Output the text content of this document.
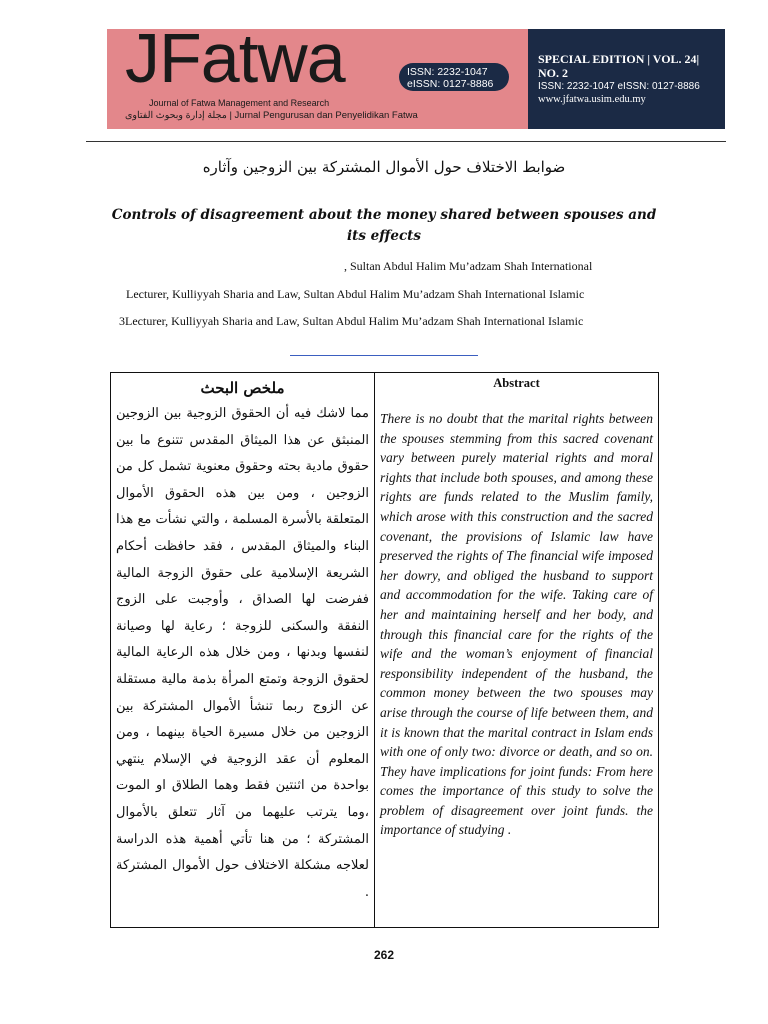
JFatwa	ISSN: 2232-1047
eISSN: 0127-8886
Journal of Fatwa Management and Research
مجلة إدارة وبحوث الفتاوى | Jurnal Pengurusan dan Penyelidikan Fatwa
SPECIAL EDITION | VOL. 24| NO. 2
ISSN: 2232-1047 eISSN: 0127-8886
www.jfatwa.usim.edu.my
ضوابط الاختلاف حول الأموال المشتركة بين الزوجين وآثاره
Controls of disagreement about the money shared between spouses and its effects
, Sultan Abdul Halim Mu’adzam Shah International
Lecturer, Kulliyyah Sharia and Law, Sultan Abdul Halim Mu’adzam Shah International Islamic
3Lecturer, Kulliyyah Sharia and Law, Sultan Abdul Halim Mu’adzam Shah International Islamic
ملخص البحث
مما لاشك فيه أن الحقوق الزوجية بين الزوجين المنبثق عن هذا الميثاق المقدس تتنوع ما بين حقوق مادية بحته وحقوق معنوية تشمل كل من الزوجين ، ومن بين هذه الحقوق الأموال المتعلقة بالأسرة المسلمة ، والتي نشأت مع هذا البناء والميثاق المقدس ، فقد حافظت أحكام الشريعة الإسلامية على حقوق الزوجة المالية ففرضت لها الصداق ، وأوجبت على الزوج النفقة والسكنى للزوجة ؛ رعاية لها وصيانة لنفسها وبدنها ، ومن خلال هذه الرعاية المالية لحقوق الزوجة وتمتع المرأة بذمة مالية مستقلة عن الزوج ربما تنشأ الأموال المشتركة بين الزوجين من خلال مسيرة الحياة بينهما ، ومن المعلوم أن عقد الزوجية في الإسلام ينتهي بواحدة من اثنتين فقط وهما الطلاق او الموت ،وما يترتب عليهما من آثار تتعلق بالأموال المشتركة ؛ من هنا تأتي أهمية هذه الدراسة لعلاجه مشكلة الاختلاف حول الأموال المشتركة .
Abstract
There is no doubt that the marital rights between the spouses stemming from this sacred covenant vary between purely material rights and moral rights that include both spouses, and among these rights are funds related to the Muslim family, which arose with this construction and the sacred covenant, the provisions of Islamic law have preserved the rights of The financial wife imposed her dowry, and obliged the husband to support and accommodation for the wife. Taking care of her and maintaining herself and her body, and through this financial care for the rights of the wife and the woman’s enjoyment of financial responsibility independent of the husband, the common money between the two spouses may arise through the course of life between them, and it is known that the marital contract in Islam ends with one of only two: divorce or death, and so on. They have implications for joint funds: From here comes the importance of this study to solve the problem of disagreement over joint funds. the importance of studying .
262
